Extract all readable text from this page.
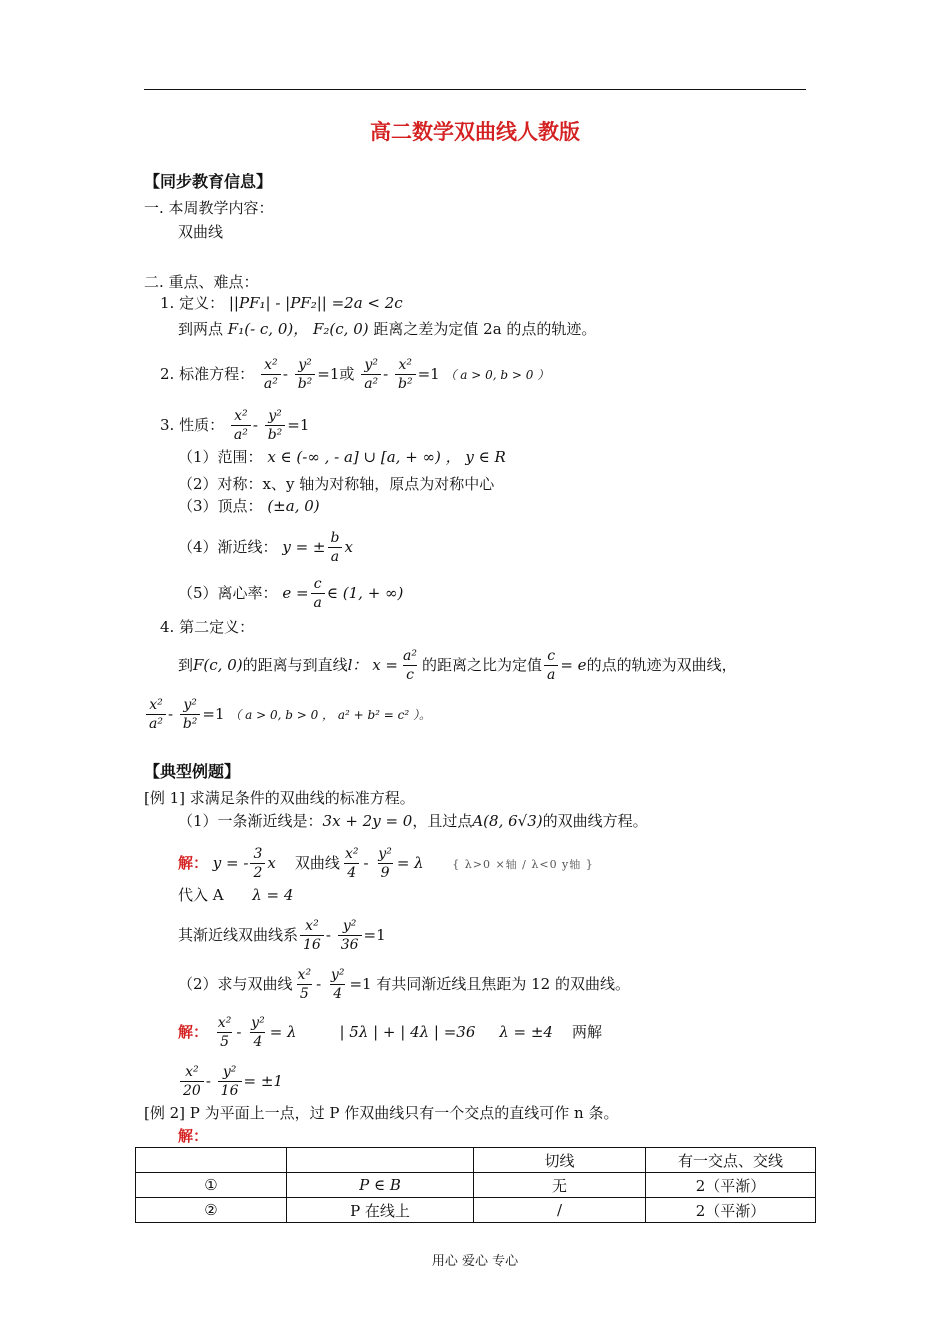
高二数学双曲线人教版
【同步教育信息】
一. 本周教学内容：
双曲线
二. 重点、难点：
1. 定义： ||PF₁| - |PF₂|| =2a < 2c
到两点 F₁(- c, 0)， F₂(c, 0) 距离之差为定值 2a 的点的轨迹。
2. 标准方程： $\frac{\text{x²}}{\text{a²}} - \frac{\text{y²}}{\text{b²}} =1$或 $\frac{\text{y²}}{\text{a²}} - \frac{\text{x²}}{\text{b²}} =1$ （ a > 0, b > 0 ）
3. 性质： $\frac{\text{x²}}{\text{a²}} - \frac{\text{y²}}{\text{b²}} =1$
（1）范围： x ∈ (-∞ , - a] ∪ [a, + ∞) ， y ∈ R
（2）对称：x、y 轴为对称轴，原点为对称中心
（3）顶点： (±a, 0)
（4）渐近线： y = ± $\frac{b}{a}$ x
（5）离心率： $e = \frac{c}{a}$ ∈ (1, + ∞)
4. 第二定义：
到F(c, 0)的距离与到直线l： $x = \frac{\text{a²}}{c}$ 的距离之比为定值 $\frac{c}{a} = e$的点的轨迹为双曲线，
$\frac{\text{x²}}{\text{a²}} - \frac{\text{y²}}{\text{b²}} =1$ （ a > 0, b > 0 ， a² + b² = c² ）。
【典型例题】
[例 1] 求满足条件的双曲线的标准方程。
（1）一条渐近线是：3x + 2y = 0，且过点A(8, 6√3)的双曲线方程。
解： y = - $\frac{3}{2}$ x 双曲线 $\frac{\text{x²}}{4} - \frac{\text{y²}}{9} = \lambda$	{ λ>0 ×轴 / λ<0 y轴 }
代入 A λ = 4
其渐近线双曲线系 $\frac{\text{x²}}{16} - \frac{\text{y²}}{36} =1$
（2）求与双曲线 $\frac{\text{x²}}{5} - \frac{\text{y²}}{4} =1$ 有共同渐近线且焦距为 12 的双曲线。
解： $\frac{\text{x²}}{5} - \frac{\text{y²}}{4} = \lambda$	| 5λ | + | 4λ | =36 λ = ±4 两解
$\frac{\text{x²}}{20} - \frac{\text{y²}}{16} = \pm 1$
[例 2] P 为平面上一点，过 P 作双曲线只有一个交点的直线可作 n 条。
解：
		切线	有一交点、交线
①	P ∈ B	无	2（平渐）
②	P 在线上	/	2（平渐）
用心 爱心 专心
